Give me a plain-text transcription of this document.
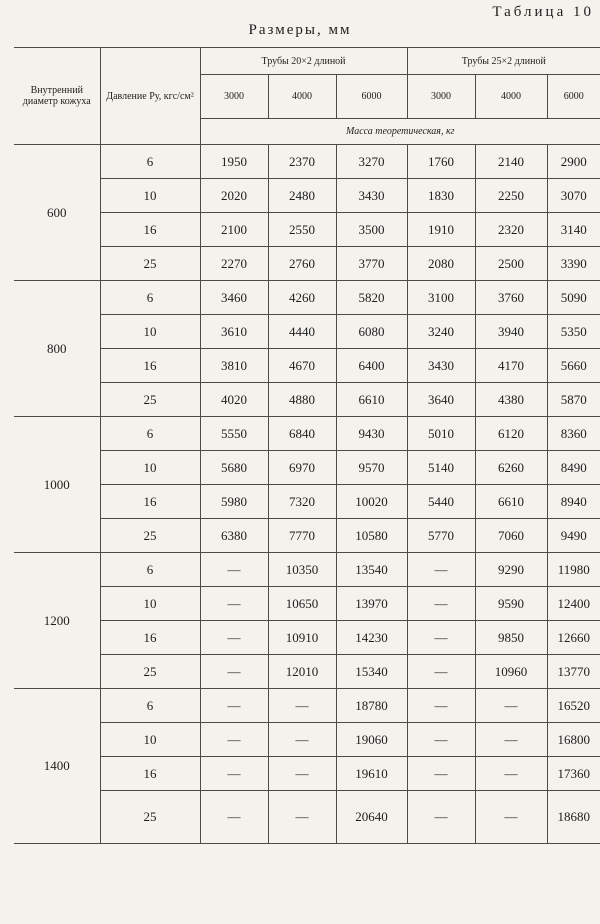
Таблица 10
Размеры, мм
Внутренний диаметр кожуха	Давление Pу, кгс/см²	Трубы 20×2 длиной			Трубы 25×2 длиной		
		3000	4000	6000	3000	4000	6000
		Масса теоретическая, кг					
600	6	1950	2370	3270	1760	2140	2900
	10	2020	2480	3430	1830	2250	3070
	16	2100	2550	3500	1910	2320	3140
	25	2270	2760	3770	2080	2500	3390
800	6	3460	4260	5820	3100	3760	5090
	10	3610	4440	6080	3240	3940	5350
	16	3810	4670	6400	3430	4170	5660
	25	4020	4880	6610	3640	4380	5870
1000	6	5550	6840	9430	5010	6120	8360
	10	5680	6970	9570	5140	6260	8490
	16	5980	7320	10020	5440	6610	8940
	25	6380	7770	10580	5770	7060	9490
1200	6	—	10350	13540	—	9290	11980
	10	—	10650	13970	—	9590	12400
	16	—	10910	14230	—	9850	12660
	25	—	12010	15340	—	10960	13770
1400	6	—	—	18780	—	—	16520
	10	—	—	19060	—	—	16800
	16	—	—	19610	—	—	17360
	25	—	—	20640	—	—	18680
